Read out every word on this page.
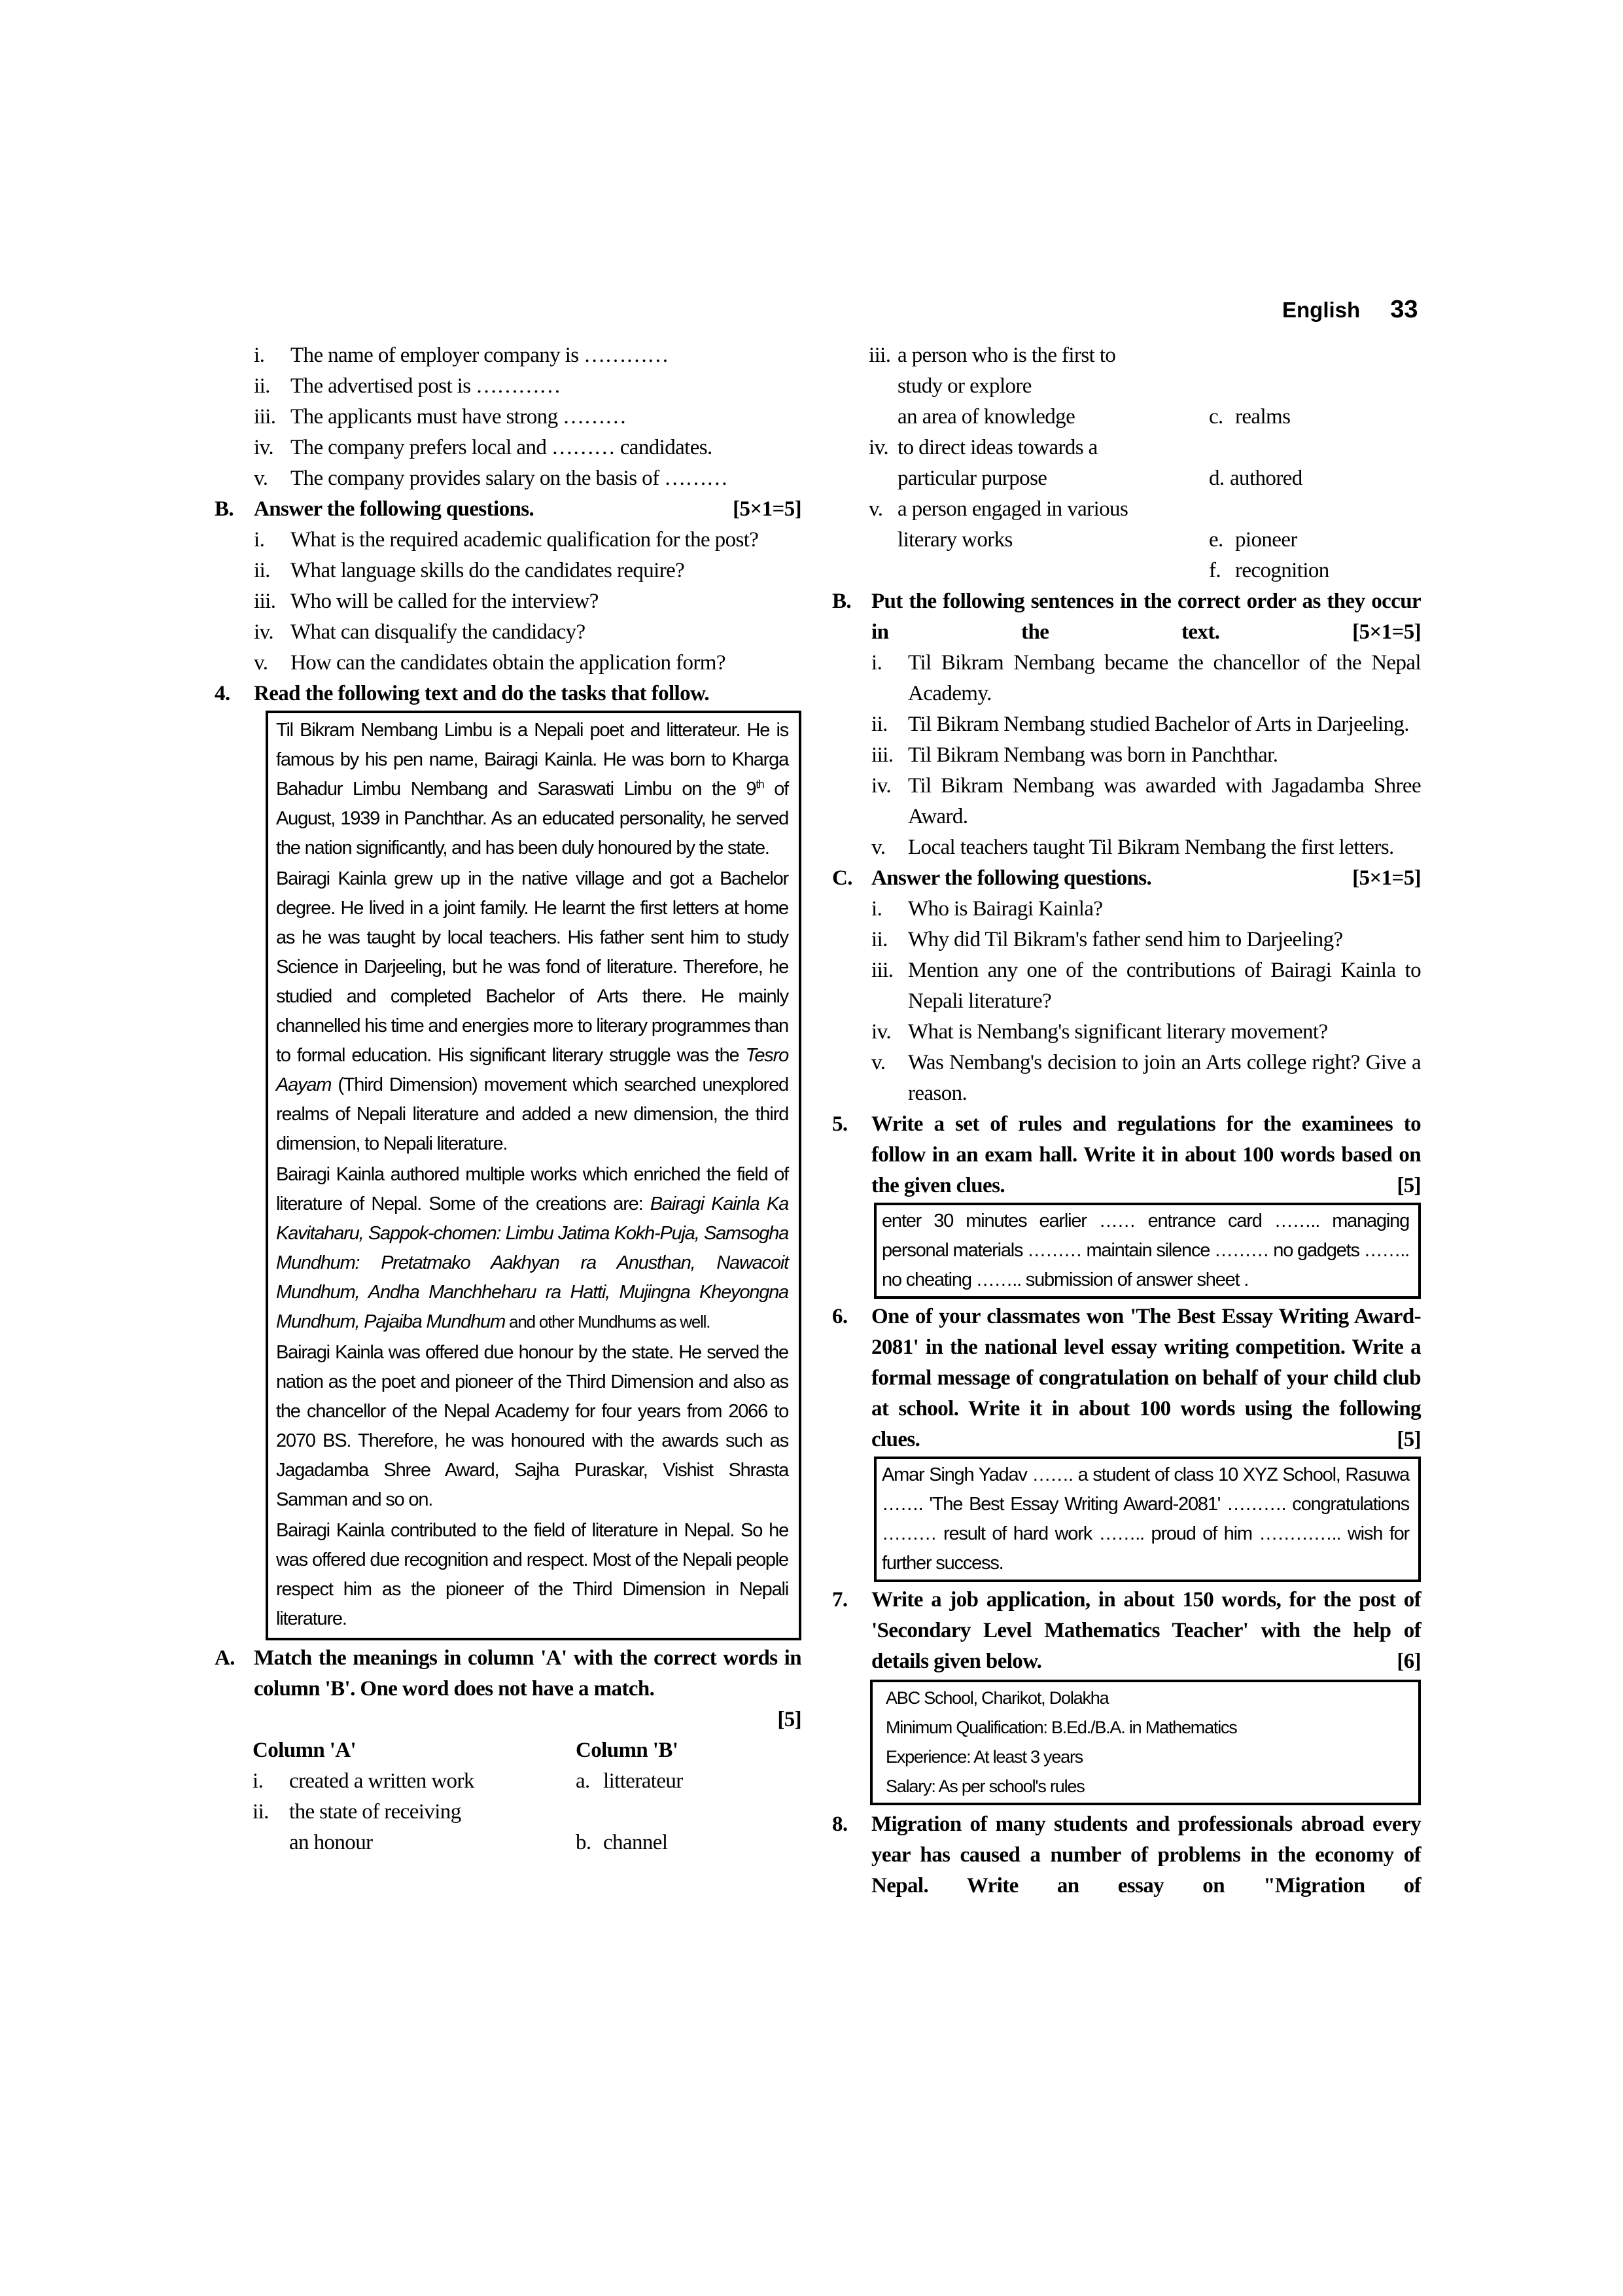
English 33
i.	The name of employer company is …………
ii. The advertised post is …………
iii. The applicants must have strong ………
iv. The company prefers local and ……… candidates.
v.	The company provides salary on the basis of ………
B. Answer the following questions.	[5×1=5]
i.	What is the required academic qualification for the post?
ii. What language skills do the candidates require?
iii. Who will be called for the interview?
iv. What can disqualify the candidacy?
v.	How can the candidates obtain the application form?
4.	Read the following text and do the tasks that follow.

Til Bikram Nembang Limbu is a Nepali poet and litterateur. He is famous by his pen name, Bairagi Kainla. He was born to Kharga Bahadur Limbu Nembang and Saraswati Limbu on the 9th of August, 1939 in Panchthar. As an educated personality, he served the nation significantly, and has been duly honoured by the state.

Bairagi Kainla grew up in the native village and got a Bachelor degree. He lived in a joint family. He learnt the first letters at home as he was taught by local teachers. His father sent him to study Science in Darjeeling, but he was fond of literature. Therefore, he studied and completed Bachelor of Arts there. He mainly channelled his time and energies more to literary programmes than to formal education. His significant literary struggle was the Tesro Aayam (Third Dimension) movement which searched unexplored realms of Nepali literature and added a new dimension, the third dimension, to Nepali literature.

Bairagi Kainla authored multiple works which enriched the field of literature of Nepal. Some of the creations are: Bairagi Kainla Ka Kavitaharu, Sappok-chomen: Limbu Jatima Kokh-Puja, Samsogha Mundhum: Pretatmako Aakhyan ra Anusthan, Nawacoit Mundhum, Andha Manchheharu ra Hatti, Mujingna Kheyongna Mundhum, Pajaiba Mundhum and other Mundhums as well.

Bairagi Kainla was offered due honour by the state. He served the nation as the poet and pioneer of the Third Dimension and also as the chancellor of the Nepal Academy for four years from 2066 to 2070 BS. Therefore, he was honoured with the awards such as Jagadamba Shree Award, Sajha Puraskar, Vishist Shrasta Samman and so on.

Bairagi Kainla contributed to the field of literature in Nepal. So he was offered due recognition and respect. Most of the Nepali people respect him as the pioneer of the Third Dimension in Nepali literature.

A. Match the meanings in column 'A' with the correct words in column 'B'. One word does not have a match.
[5]
Column 'A'	Column 'B'
i.	created a written work	a. litterateur
ii. the state of receiving
an honour	b. channel
iii. a person who is the first to
study or explore
an area of knowledge	c. realms
iv. to direct ideas towards a
particular purpose	d. authored
v. a person engaged in various
literary works	e. pioneer
f. recognition
B. Put the following sentences in the correct order as they occur in the text.	[5×1=5]
i.	Til Bikram Nembang became the chancellor of the Nepal Academy.
ii. Til Bikram Nembang studied Bachelor of Arts in Darjeeling.
iii. Til Bikram Nembang was born in Panchthar.
iv. Til Bikram Nembang was awarded with Jagadamba Shree Award.
v.	Local teachers taught Til Bikram Nembang the first letters.
C. Answer the following questions.	[5×1=5]
i.	Who is Bairagi Kainla?
ii. Why did Til Bikram's father send him to Darjeeling?
iii. Mention any one of the contributions of Bairagi Kainla to Nepali literature?
iv. What is Nembang's significant literary movement?
v.	Was Nembang's decision to join an Arts college right? Give a reason.
5.	Write a set of rules and regulations for the examinees to follow in an exam hall. Write it in about 100 words based on the given clues.	[5]
enter 30 minutes earlier …… entrance card …….. managing personal materials ……… maintain silence ……… no gadgets …….. no cheating …….. submission of answer sheet .
6.	One of your classmates won 'The Best Essay Writing Award-2081' in the national level essay writing competition. Write a formal message of congratulation on behalf of your child club at school. Write it in about 100 words using the following clues.	[5]
Amar Singh Yadav ……. a student of class 10 XYZ School, Rasuwa ……. 'The Best Essay Writing Award-2081' ………. congratulations ……… result of hard work …….. proud of him ………….. wish for further success.
7.	Write a job application, in about 150 words, for the post of 'Secondary Level Mathematics Teacher' with the help of details given below.	[6]
ABC School, Charikot, Dolakha
Minimum Qualification: B.Ed./B.A. in Mathematics
Experience: At least 3 years
Salary: As per school's rules
8.	Migration of many students and professionals abroad every year has caused a number of problems in the economy of Nepal. Write an essay on "Migration of
